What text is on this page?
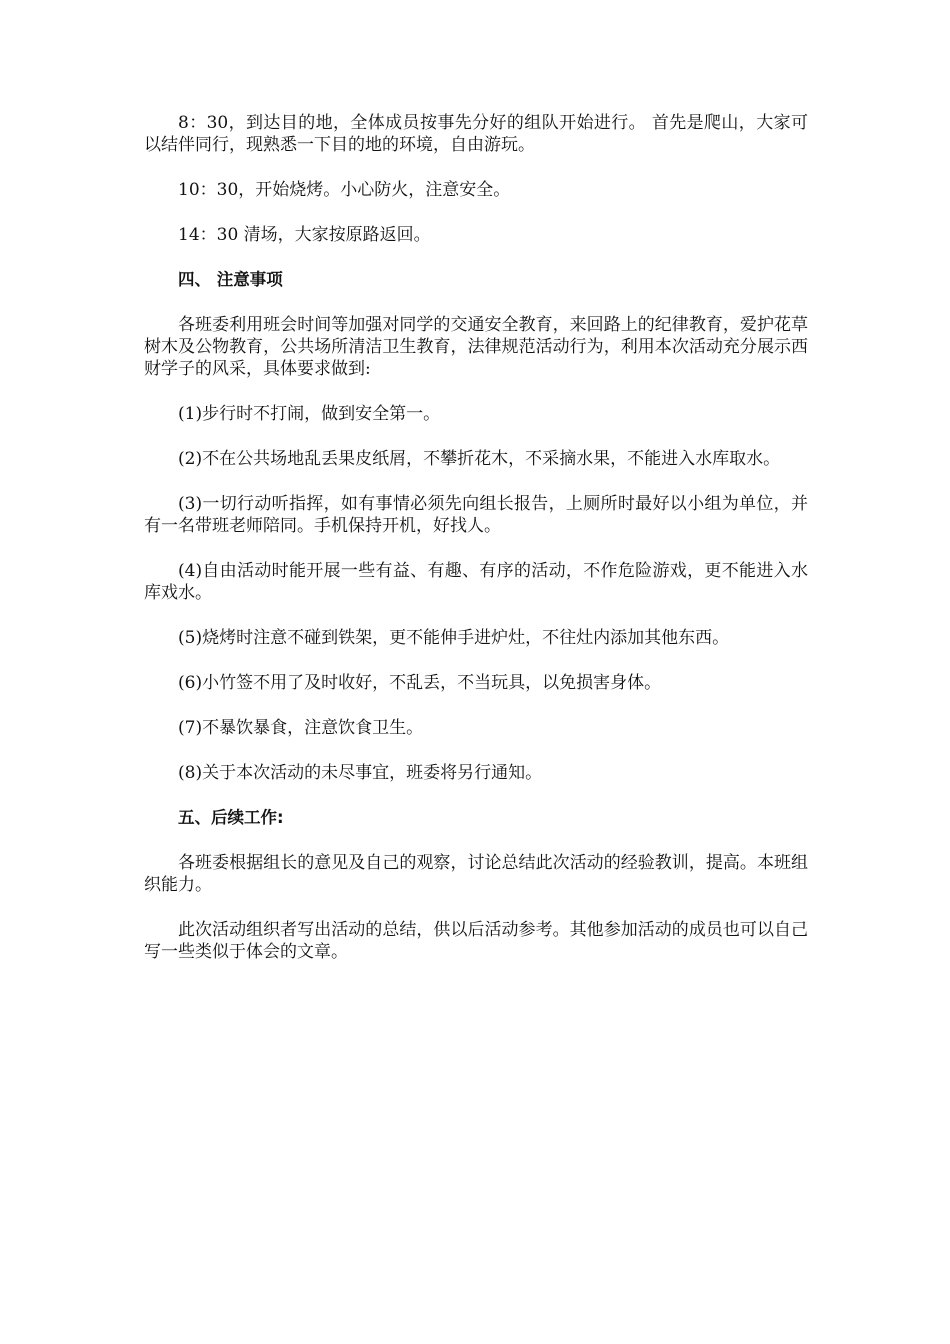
8：30，到达目的地，全体成员按事先分好的组队开始进行。 首先是爬山，大家可以结伴同行，现熟悉一下目的地的环境，自由游玩。

10：30，开始烧烤。小心防火，注意安全。

14：30 清场，大家按原路返回。

四、 注意事项

各班委利用班会时间等加强对同学的交通安全教育，来回路上的纪律教育，爱护花草树木及公物教育，公共场所清洁卫生教育，法律规范活动行为，利用本次活动充分展示西财学子的风采，具体要求做到:

(1)步行时不打闹，做到安全第一。

(2)不在公共场地乱丢果皮纸屑，不攀折花木，不采摘水果，不能进入水库取水。

(3)一切行动听指挥，如有事情必须先向组长报告，上厕所时最好以小组为单位，并有一名带班老师陪同。手机保持开机，好找人。

(4)自由活动时能开展一些有益、有趣、有序的活动，不作危险游戏，更不能进入水库戏水。

(5)烧烤时注意不碰到铁架，更不能伸手进炉灶，不往灶内添加其他东西。

(6)小竹签不用了及时收好，不乱丢，不当玩具，以免损害身体。

(7)不暴饮暴食，注意饮食卫生。

(8)关于本次活动的未尽事宜，班委将另行通知。

五、后续工作:

各班委根据组长的意见及自己的观察，讨论总结此次活动的经验教训，提高。本班组织能力。

此次活动组织者写出活动的总结，供以后活动参考。其他参加活动的成员也可以自己写一些类似于体会的文章。
